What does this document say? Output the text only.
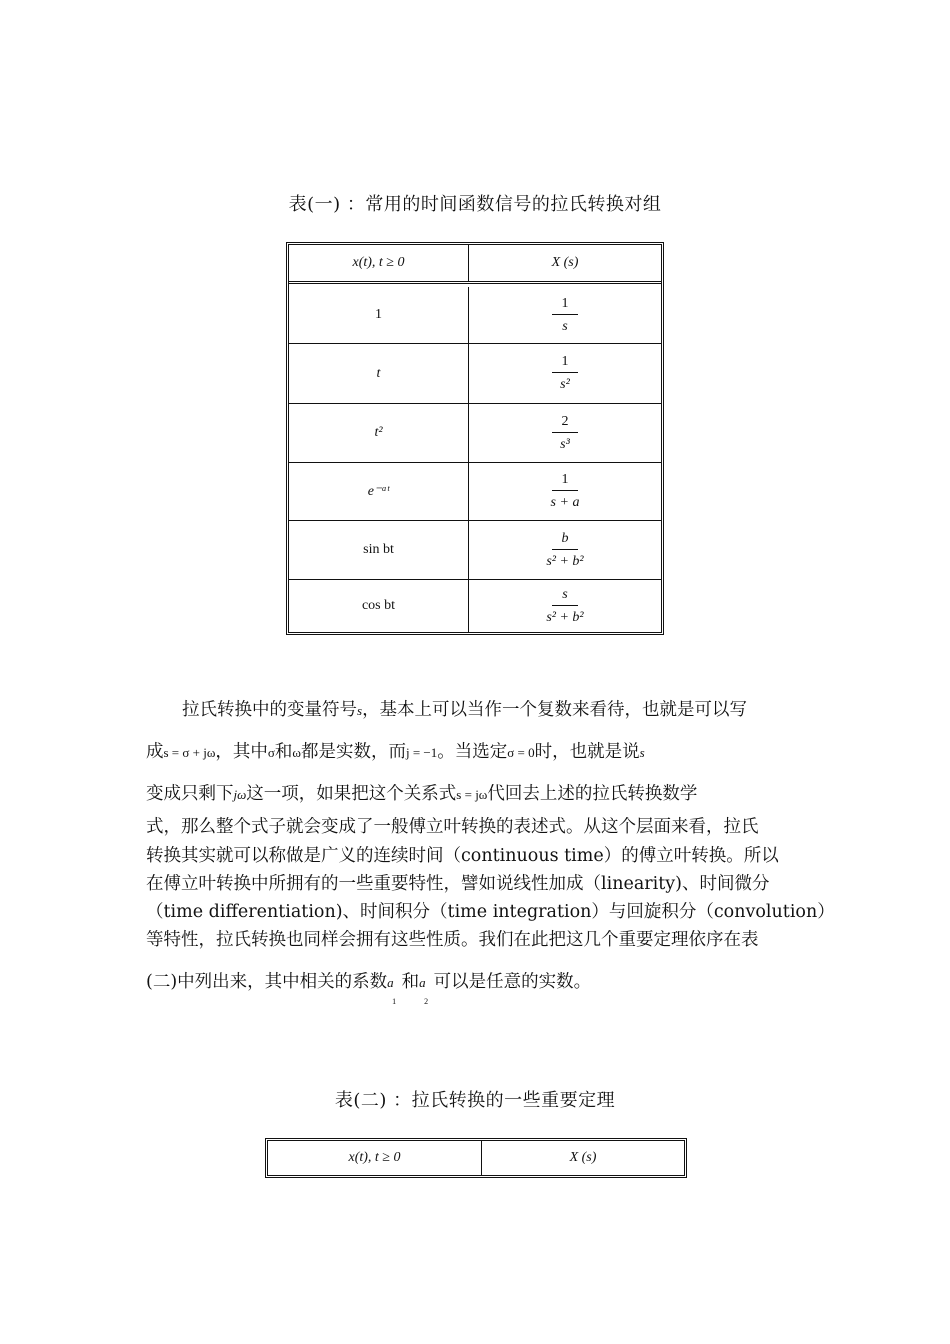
表(一) ：常用的时间函数信号的拉氏转换对组
x(t), t ≥ 0	X (s)
1	$\frac{1}{s}$
t	$\frac{1}{\text{s²}}$
t²	$\frac{2}{\text{s³}}$
e⁻ᵃᵗ	$\frac{1}{s + a}$
sin bt	$\frac{b}{\text{s² + b²}}$
cos bt	$\frac{s}{\text{s² + b²}}$
拉氏转换中的变量符号s，基本上可以当作一个复数来看待，也就是可以写
成s = σ + jω，其中σ和ω都是实数，而j = −1。当选定σ = 0时，也就是说s
变成只剩下jω这一项，如果把这个关系式s = jω代回去上述的拉氏转换数学
式，那么整个式子就会变成了一般傅立叶转换的表述式。从这个层面来看，拉氏
转换其实就可以称做是广义的连续时间（continuous time）的傅立叶转换。所以
在傅立叶转换中所拥有的一些重要特性，譬如说线性加成（linearity)、时间微分
（time differentiation)、时间积分（time integration）与回旋积分（convolution）
等特性，拉氏转换也同样会拥有这些性质。我们在此把这几个重要定理依序在表
(二)中列出来，其中相关的系数a
1
和a
2
可以是任意的实数。
表(二) ：拉氏转换的一些重要定理
x(t), t ≥ 0	X (s)
